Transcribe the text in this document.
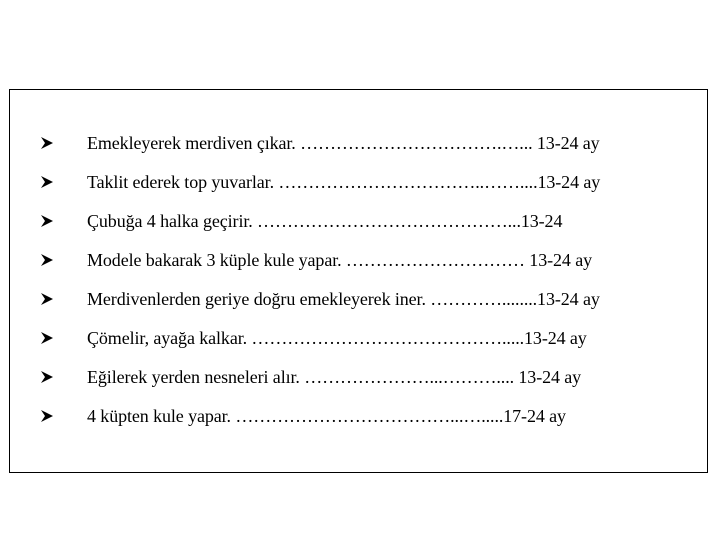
Emekleyerek merdiven çıkar. …………………………….…... 13-24 ay
Taklit ederek top yuvarlar. ……………………………..……....13-24 ay
Çubuğa 4 halka geçirir. ……………………………………...13-24
Modele bakarak 3 küple kule yapar. ………………………… 13-24 ay
Merdivenlerden geriye doğru emekleyerek iner. …………........13-24 ay
Çömelir, ayağa kalkar. …………………………………….....13-24 ay
Eğilerek yerden nesneleri alır. …………………...……….... 13-24 ay
4 küpten kule yapar. ………………………………...….....17-24 ay
